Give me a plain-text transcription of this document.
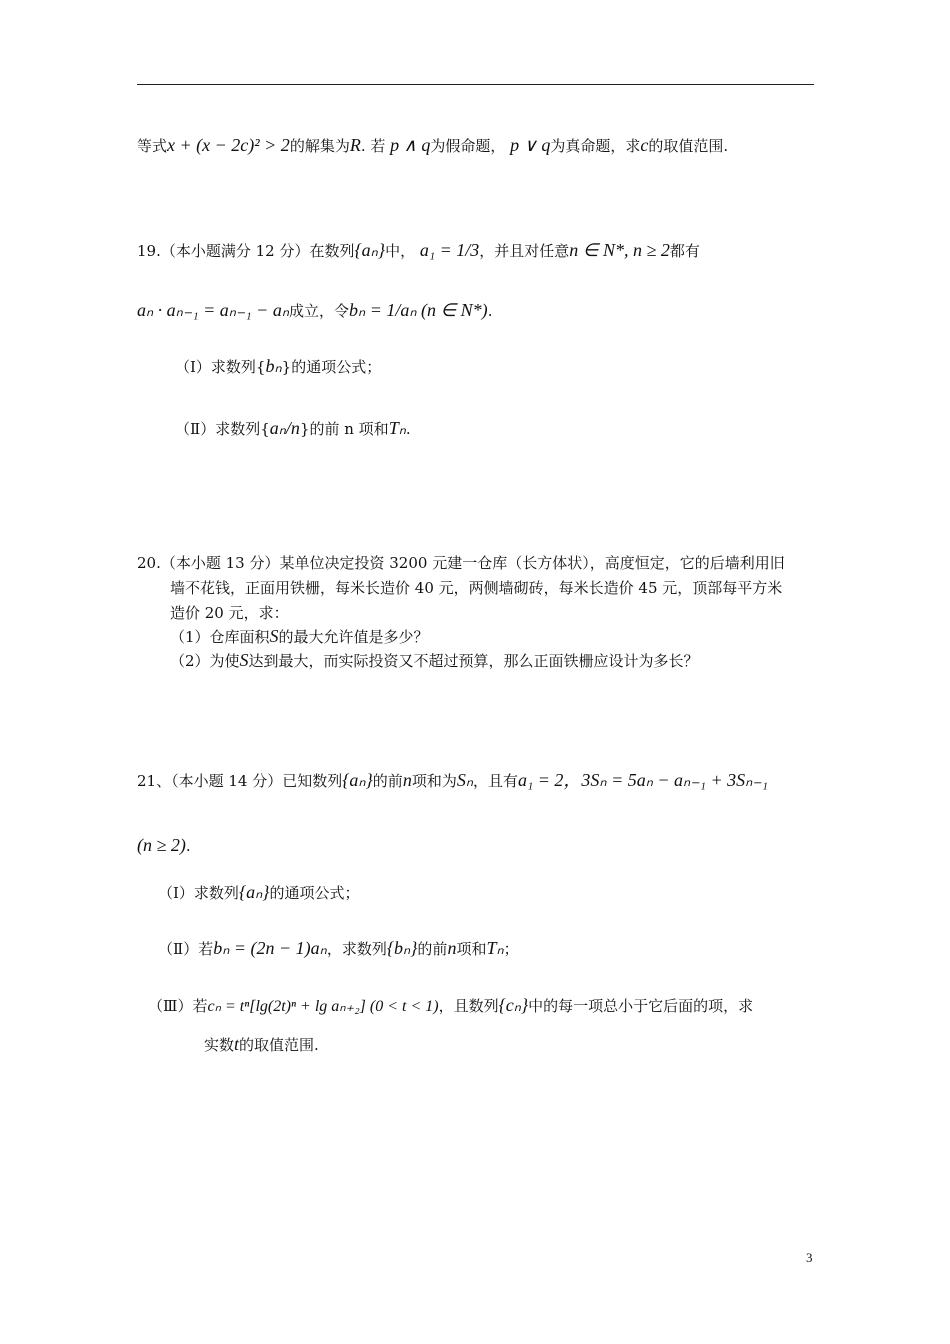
等式x + (x − 2c)² > 2的解集为R. 若 p ∧ q为假命题， p ∨ q为真命题，求c的取值范围.
19.（本小题满分 12 分）在数列{aₙ}中， a₁ = 1/3，并且对任意n ∈ N*, n ≥ 2都有
aₙ · aₙ₋₁ = aₙ₋₁ − aₙ成立，令bₙ = 1/aₙ (n ∈ N*).
（Ⅰ）求数列{bₙ}的通项公式；
（Ⅱ）求数列{aₙ/n}的前 n 项和Tₙ.
20.（本小题 13 分）某单位决定投资 3200 元建一仓库（长方体状），高度恒定，它的后墙利用旧
墙不花钱，正面用铁栅，每米长造价 40 元，两侧墙砌砖，每米长造价 45 元，顶部每平方米
造价 20 元，求：
（1）仓库面积S的最大允许值是多少？
（2）为使S达到最大，而实际投资又不超过预算，那么正面铁栅应设计为多长？
21、（本小题 14 分）已知数列{aₙ}的前n项和为Sₙ，且有a₁ = 2，3Sₙ = 5aₙ − aₙ₋₁ + 3Sₙ₋₁
(n ≥ 2).
（Ⅰ）求数列{aₙ}的通项公式；
（Ⅱ）若bₙ = (2n − 1)aₙ，求数列{bₙ}的前n项和Tₙ；
（Ⅲ）若cₙ = tⁿ[lg(2t)ⁿ + lg aₙ₊₂] (0 < t < 1)，且数列{cₙ}中的每一项总小于它后面的项，求
实数t的取值范围.
3
